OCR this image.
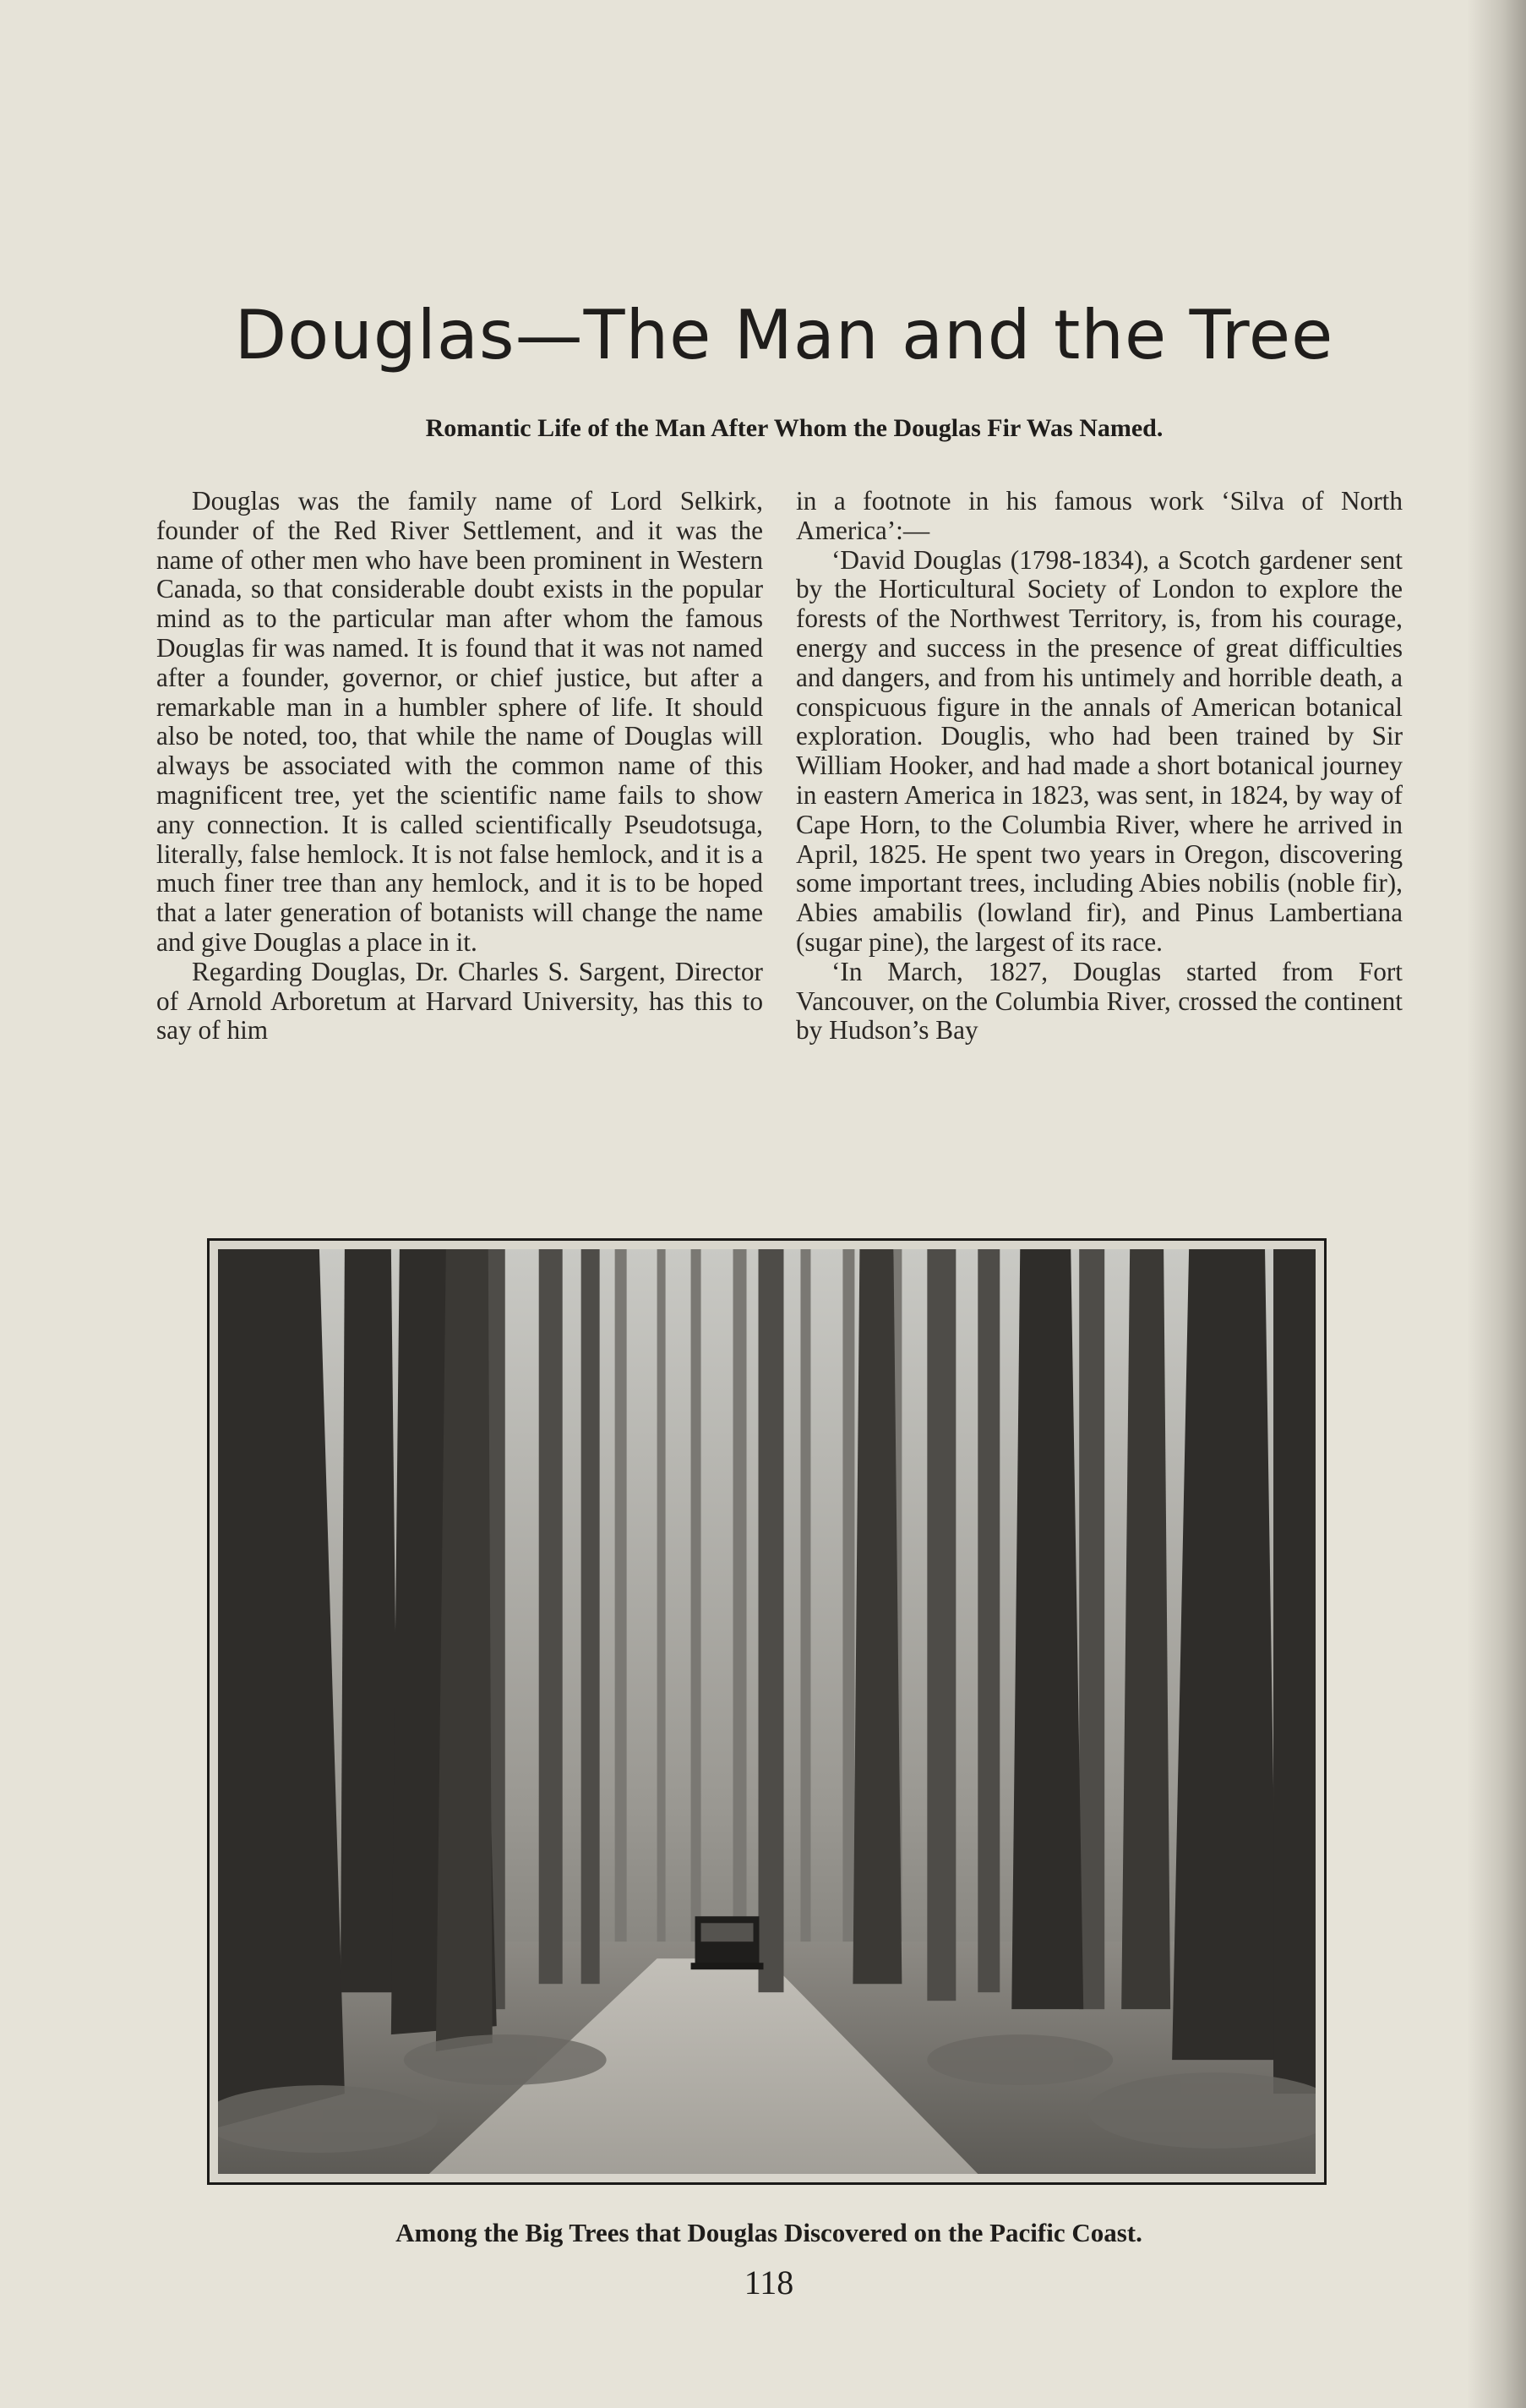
Douglas—The Man and the Tree
Romantic Life of the Man After Whom the Douglas Fir Was Named.

Douglas was the family name of Lord Selkirk, founder of the Red River Settlement, and it was the name of other men who have been prominent in Western Canada, so that considerable doubt exists in the popular mind as to the particular man after whom the famous Douglas fir was named. It is found that it was not named after a founder, governor, or chief justice, but after a remarkable man in a humbler sphere of life. It should also be noted, too, that while the name of Douglas will always be associated with the common name of this magnificent tree, yet the scientific name fails to show any connection. It is called scientifically Pseudotsuga, literally, false hemlock. It is not false hemlock, and it is a much finer tree than any hemlock, and it is to be hoped that a later generation of botanists will change the name and give Douglas a place in it.

Regarding Douglas, Dr. Charles S. Sargent, Director of Arnold Arboretum at Harvard University, has this to say of him

in a footnote in his famous work ‘Silva of North America’:—

‘David Douglas (1798-1834), a Scotch gardener sent by the Horticultural Society of London to explore the forests of the Northwest Territory, is, from his courage, energy and success in the presence of great difficulties and dangers, and from his untimely and horrible death, a conspicuous figure in the annals of American botanical exploration. Douglis, who had been trained by Sir William Hooker, and had made a short botanical journey in eastern America in 1823, was sent, in 1824, by way of Cape Horn, to the Columbia River, where he arrived in April, 1825. He spent two years in Oregon, discovering some important trees, including Abies nobilis (noble fir), Abies amabilis (lowland fir), and Pinus Lambertiana (sugar pine), the largest of its race.

‘In March, 1827, Douglas started from Fort Vancouver, on the Columbia River, crossed the continent by Hudson’s Bay

Among the Big Trees that Douglas Discovered on the Pacific Coast.

118
